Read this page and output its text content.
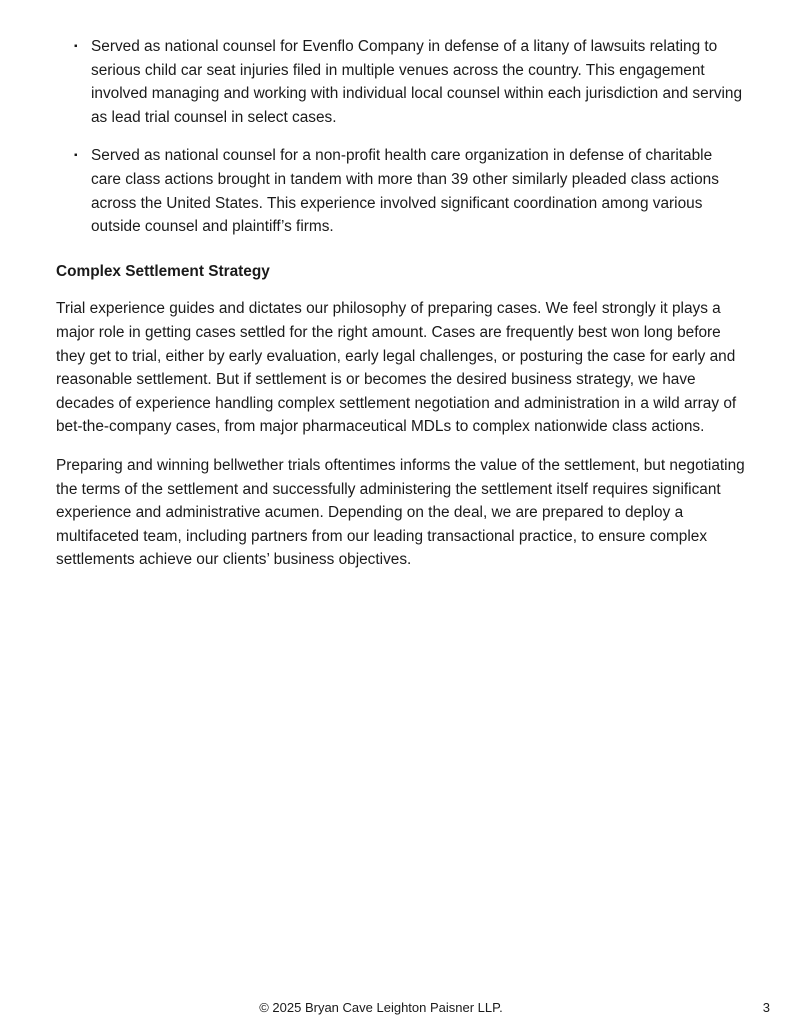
▪ Served as national counsel for Evenflo Company in defense of a litany of lawsuits relating to serious child car seat injuries filed in multiple venues across the country. This engagement involved managing and working with individual local counsel within each jurisdiction and serving as lead trial counsel in select cases.
▪ Served as national counsel for a non-profit health care organization in defense of charitable care class actions brought in tandem with more than 39 other similarly pleaded class actions across the United States. This experience involved significant coordination among various outside counsel and plaintiff’s firms.
Complex Settlement Strategy

Trial experience guides and dictates our philosophy of preparing cases. We feel strongly it plays a major role in getting cases settled for the right amount. Cases are frequently best won long before they get to trial, either by early evaluation, early legal challenges, or posturing the case for early and reasonable settlement. But if settlement is or becomes the desired business strategy, we have decades of experience handling complex settlement negotiation and administration in a wild array of bet-the-company cases, from major pharmaceutical MDLs to complex nationwide class actions.

Preparing and winning bellwether trials oftentimes informs the value of the settlement, but negotiating the terms of the settlement and successfully administering the settlement itself requires significant experience and administrative acumen. Depending on the deal, we are prepared to deploy a multifaceted team, including partners from our leading transactional practice, to ensure complex settlements achieve our clients’ business objectives.

© 2025 Bryan Cave Leighton Paisner LLP.	3
